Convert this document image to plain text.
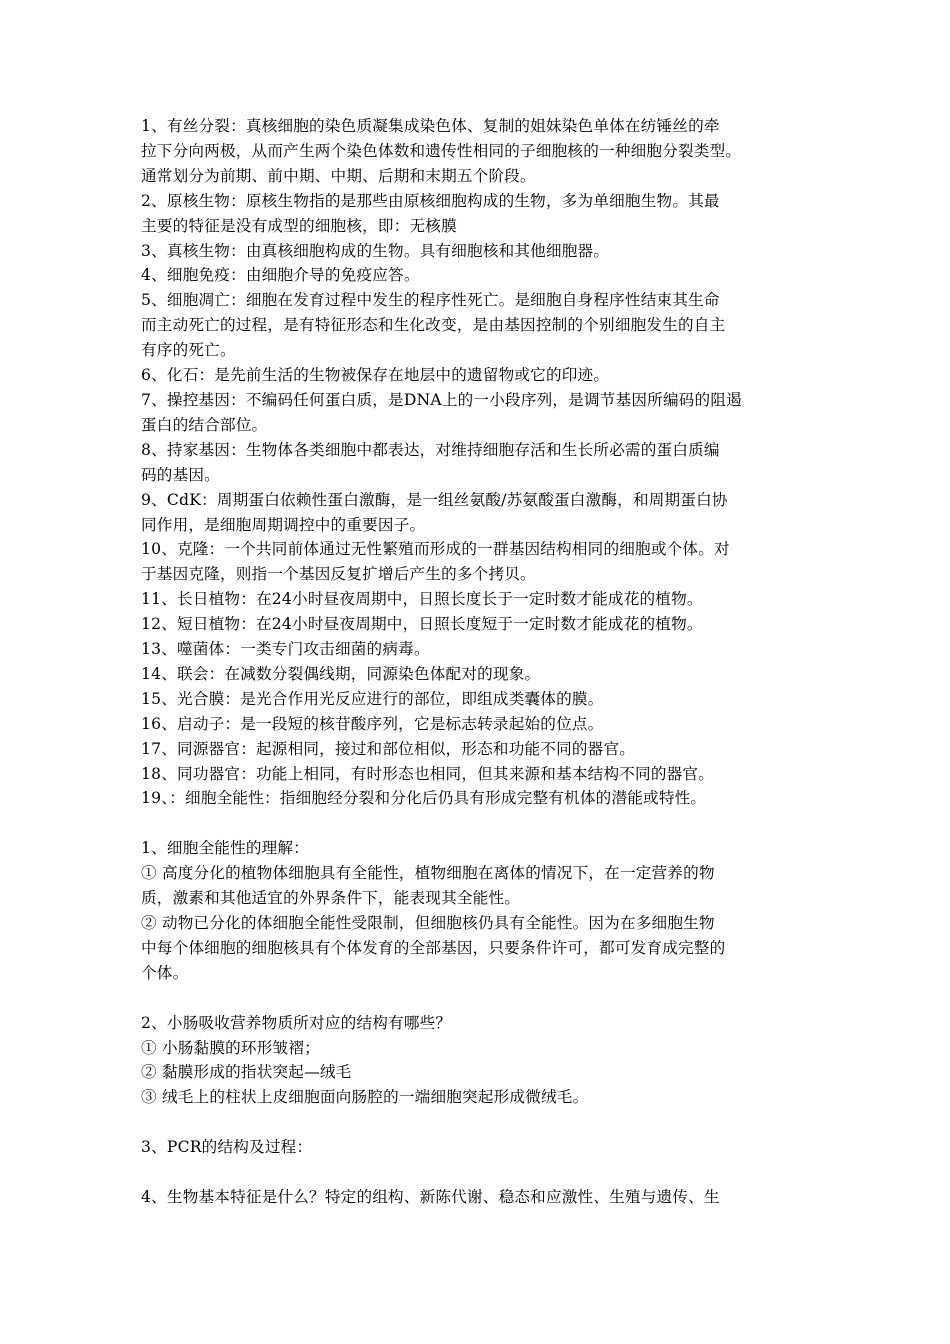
1、有丝分裂：真核细胞的染色质凝集成染色体、复制的姐妹染色单体在纺锤丝的牵
拉下分向两极，从而产生两个染色体数和遗传性相同的子细胞核的一种细胞分裂类型。
通常划分为前期、前中期、中期、后期和末期五个阶段。
2、原核生物：原核生物指的是那些由原核细胞构成的生物，多为单细胞生物。其最
主要的特征是没有成型的细胞核，即：无核膜
3、真核生物：由真核细胞构成的生物。具有细胞核和其他细胞器。
4、细胞免疫：由细胞介导的免疫应答。
5、细胞凋亡：细胞在发育过程中发生的程序性死亡。是细胞自身程序性结束其生命
而主动死亡的过程，是有特征形态和生化改变，是由基因控制的个别细胞发生的自主
有序的死亡。
6、化石：是先前生活的生物被保存在地层中的遗留物或它的印迹。
7、操控基因：不编码任何蛋白质，是DNA上的一小段序列，是调节基因所编码的阻遏
蛋白的结合部位。
8、持家基因：生物体各类细胞中都表达，对维持细胞存活和生长所必需的蛋白质编
码的基因。
9、CdK：周期蛋白依赖性蛋白激酶，是一组丝氨酸/苏氨酸蛋白激酶，和周期蛋白协
同作用，是细胞周期调控中的重要因子。
10、克隆：一个共同前体通过无性繁殖而形成的一群基因结构相同的细胞或个体。对
于基因克隆，则指一个基因反复扩增后产生的多个拷贝。
11、长日植物：在24小时昼夜周期中，日照长度长于一定时数才能成花的植物。
12、短日植物：在24小时昼夜周期中，日照长度短于一定时数才能成花的植物。
13、噬菌体：一类专门攻击细菌的病毒。
14、联会：在减数分裂偶线期，同源染色体配对的现象。
15、光合膜：是光合作用光反应进行的部位，即组成类囊体的膜。
16、启动子：是一段短的核苷酸序列，它是标志转录起始的位点。
17、同源器官：起源相同，接过和部位相似，形态和功能不同的器官。
18、同功器官：功能上相同，有时形态也相同，但其来源和基本结构不同的器官。
19、：细胞全能性：指细胞经分裂和分化后仍具有形成完整有机体的潜能或特性。
1、细胞全能性的理解：
① 高度分化的植物体细胞具有全能性，植物细胞在离体的情况下，在一定营养的物
质，激素和其他适宜的外界条件下，能表现其全能性。
② 动物已分化的体细胞全能性受限制，但细胞核仍具有全能性。因为在多细胞生物
中每个体细胞的细胞核具有个体发育的全部基因，只要条件许可，都可发育成完整的
个体。
2、小肠吸收营养物质所对应的结构有哪些？
① 小肠黏膜的环形皱褶；
② 黏膜形成的指状突起—绒毛
③ 绒毛上的柱状上皮细胞面向肠腔的一端细胞突起形成微绒毛。
3、PCR的结构及过程：
4、生物基本特征是什么？特定的组构、新陈代谢、稳态和应激性、生殖与遗传、生
